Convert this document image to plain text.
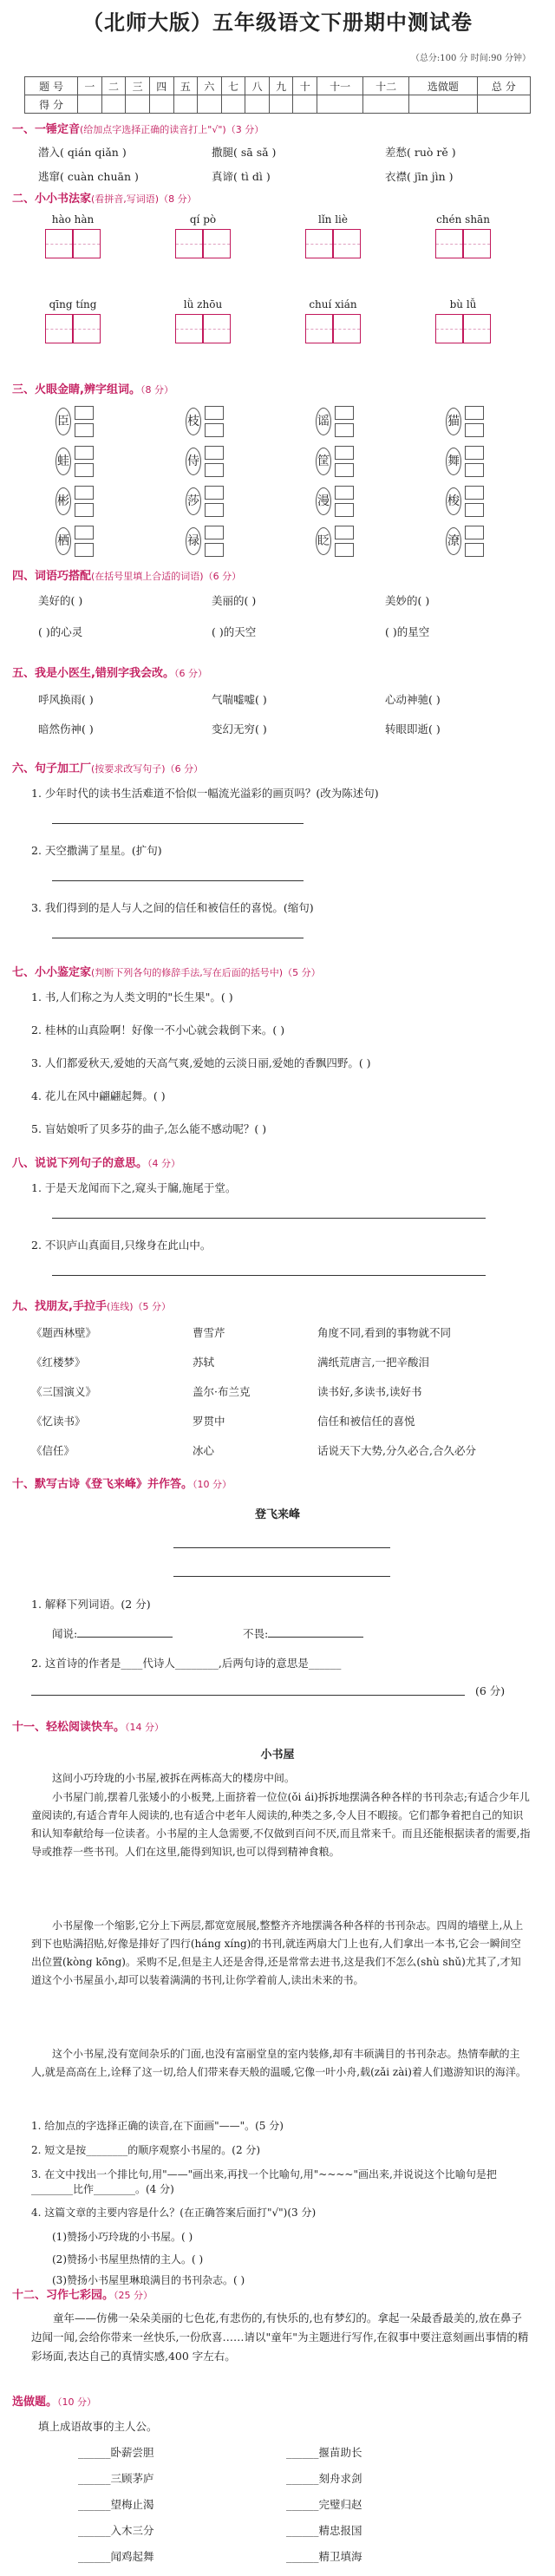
（北师大版）五年级语文下册期中测试卷
（总分:100 分 时间:90 分钟）
题 号	一	二	三	四	五	六	七	八	九	十	十一	十二	选做题	总 分
得 分														
一、一锤定音(给加点字选择正确的读音打上"√")（3 分）
潜入( qián qiǎn )	撒腿( sā sǎ )	差愁( ruò rě )
逃窜( cuàn chuān )	真谛( tì dì )	衣襟( jīn jìn )
二、小小书法家(看拼音,写词语)（8 分）
hào hàn	qí pò	lǐn liè	chén shān
qīng tíng	lǜ zhōu	chuí xián	bù lǚ
三、火眼金睛,辨字组词。（8 分）
臣	枝	谣	猫
蛙	侍	筐	舞
彬	莎	漫	梭
栖	禄	眨	潦
四、词语巧搭配(在括号里填上合适的词语)（6 分）
美好的( )	美丽的( )	美妙的( )
( )的心灵	( )的天空	( )的星空
五、我是小医生,错别字我会改。（6 分）
呼风换雨( )	气喘嘘嘘( )	心动神驰( )
暗然伤神( )	变幻无穷( )	转眼即逝( )
六、句子加工厂(按要求改写句子)（6 分）
1. 少年时代的读书生活难道不恰似一幅流光溢彩的画页吗？(改为陈述句)
2. 天空撒满了星星。(扩句)
3. 我们得到的是人与人之间的信任和被信任的喜悦。(缩句)
七、小小鉴定家(判断下列各句的修辞手法,写在后面的括号中)（5 分）
1. 书,人们称之为人类文明的"长生果"。( )
2. 桂林的山真险啊！好像一不小心就会栽倒下来。( )
3. 人们都爱秋天,爱她的天高气爽,爱她的云淡日丽,爱她的香飘四野。( )
4. 花儿在风中翩翩起舞。( )
5. 盲姑娘听了贝多芬的曲子,怎么能不感动呢？( )
八、说说下列句子的意思。（4 分）
1. 于是天龙闻而下之,窥头于牖,施尾于堂。
2. 不识庐山真面目,只缘身在此山中。
九、找朋友,手拉手(连线)（5 分）
《题西林壁》	曹雪芹	角度不同,看到的事物就不同
《红楼梦》	苏轼	满纸荒唐言,一把辛酸泪
《三国演义》	盖尔·布兰克	读书好,多读书,读好书
《忆读书》	罗贯中	信任和被信任的喜悦
《信任》	冰心	话说天下大势,分久必合,合久必分
十、默写古诗《登飞来峰》并作答。（10 分）
登飞来峰
1. 解释下列词语。(2 分)
闻说:	不畏:
2. 这首诗的作者是____代诗人________,后两句诗的意思是______
(6 分)
十一、轻松阅读快车。（14 分）
小书屋
这间小巧玲珑的小书屋,被拆在两栋高大的楼房中间。
小书屋门前,摆着几张矮小的小板凳,上面挤着一位位(ǒi ái)拆拆地摆满各种各样的书刊杂志;有适合少年儿童阅读的,有适合青年人阅读的,也有适合中老年人阅读的,种类之多,令人目不暇接。它们都争着把自己的知识和认知奉献给每一位读者。小书屋的主人急需要,不仅做到百问不厌,而且常来千。而且还能根据读者的需要,指导或推荐一些书刊。人们在这里,能得到知识,也可以得到精神食粮。
小书屋像一个缩影,它分上下两层,都宽宽展展,整整齐齐地摆满各种各样的书刊杂志。四周的墙壁上,从上到下也贴满招贴,好像是排好了四行(háng xíng)的书刊,就连两扇大门上也有,人们拿出一本书,它会一瞬间空出位置(kòng kōng)。采购不足,但是主人还是舍得,还是常常去进书,这是我们不怎么(shù shǔ)尤其了,才知道这个小书屋虽小,却可以装着满满的书刊,让你学着前人,读出未来的书。
这个小书屋,没有宽间杂乐的门面,也没有富丽堂皇的室内装修,却有丰硕满目的书刊杂志。热情奉献的主人,就是高高在上,诠释了这一切,给人们带来春天般的温暖,它像一叶小舟,载(zǎi zài)着人们遨游知识的海洋。
1. 给加点的字选择正确的读音,在下面画"——"。(5 分)
2. 短文是按________的顺序观察小书屋的。(2 分)
3. 在文中找出一个排比句,用"——"画出来,再找一个比喻句,用"~~~~"画出来,并说说这个比喻句是把________比作________。(4 分)
4. 这篇文章的主要内容是什么？(在正确答案后面打"√")(3 分)
(1)赞扬小巧玲珑的小书屋。( )
(2)赞扬小书屋里热情的主人。( )
(3)赞扬小书屋里琳琅满目的书刊杂志。( )
十二、习作七彩园。（25 分）
童年——仿佛一朵朵美丽的七色花,有悲伤的,有快乐的,也有梦幻的。拿起一朵最香最美的,放在鼻子边闻一闻,会给你带来一丝快乐,一份欣喜……请以"童年"为主题进行写作,在叙事中要注意刻画出事情的精彩场面,表达自己的真情实感,400 字左右。
选做题。（10 分）
填上成语故事的主人公。
______卧薪尝胆	______揠苗助长
______三顾茅庐	______刻舟求剑
______望梅止渴	______完璧归赵
______入木三分	______精忠报国
______闻鸡起舞	______精卫填海
